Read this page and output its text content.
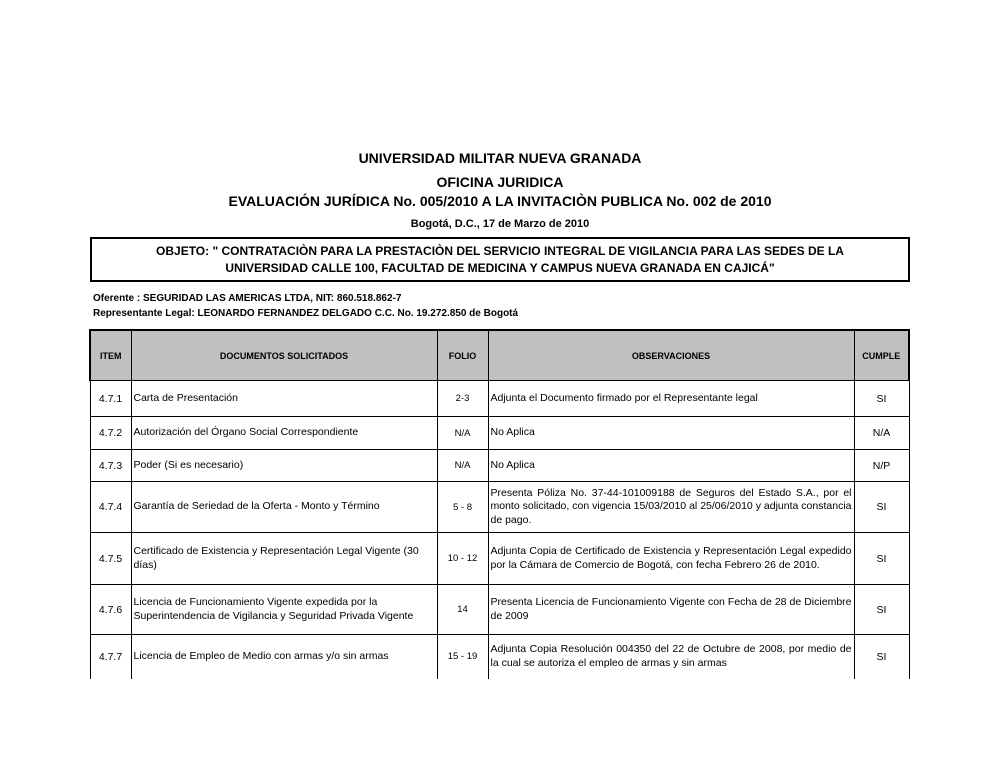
UNIVERSIDAD MILITAR NUEVA GRANADA
OFICINA JURIDICA
EVALUACIÓN JURÍDICA No. 005/2010 A LA INVITACIÒN PUBLICA No. 002 de 2010
Bogotá, D.C., 17 de Marzo de 2010
OBJETO: " CONTRATACIÒN PARA LA PRESTACIÒN DEL SERVICIO INTEGRAL DE VIGILANCIA PARA LAS SEDES DE LA UNIVERSIDAD CALLE 100, FACULTAD DE MEDICINA Y CAMPUS NUEVA GRANADA EN CAJICÁ"
Oferente : SEGURIDAD LAS AMERICAS LTDA, NIT: 860.518.862-7
Representante Legal: LEONARDO FERNANDEZ DELGADO C.C. No. 19.272.850 de Bogotá
ITEM	DOCUMENTOS SOLICITADOS	FOLIO	OBSERVACIONES	CUMPLE
4.7.1	Carta de Presentación	2-3	Adjunta el Documento firmado por el Representante legal	SI
4.7.2	Autorización del Órgano Social Correspondiente	N/A	No Aplica	N/A
4.7.3	Poder (Si es necesario)	N/A	No Aplica	N/P
4.7.4	Garantía de Seriedad de la Oferta - Monto y Término	5 - 8	Presenta Póliza No. 37-44-101009188 de Seguros del Estado S.A., por el monto solicitado, con vigencia 15/03/2010 al 25/06/2010 y adjunta constancia de pago.	SI
4.7.5	Certificado de Existencia y Representación Legal Vigente (30 días)	10 - 12	Adjunta Copia de Certificado de Existencia y Representación Legal expedido por la Cámara de Comercio de Bogotá, con fecha Febrero 26 de 2010.	SI
4.7.6	Licencia de Funcionamiento Vigente expedida por la Superintendencia de Vigilancia y Seguridad Privada Vigente	14	Presenta Licencia de Funcionamiento Vigente con Fecha de 28 de Diciembre de 2009	SI
4.7.7	Licencia de Empleo de Medio con armas y/o sin armas	15 - 19	Adjunta Copia Resolución 004350 del 22 de Octubre de 2008, por medio de la cual se autoriza el empleo de armas y sin armas	SI
